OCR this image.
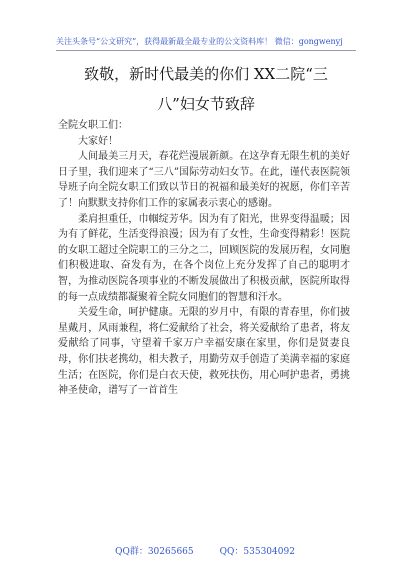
关注头条号“公文研究”，获得最新最全最专业的公文资料库！ 微信：gongwenyj
致敬，新时代最美的你们 XX二院“三
八”妇女节致辞

全院女职工们：

大家好！

人间最美三月天，春花烂漫展新颜。在这孕育无限生机的美好日子里，我们迎来了“三八”国际劳动妇女节。在此，谨代表医院领导班子向全院女职工们致以节日的祝福和最美好的祝愿，你们辛苦了！向默默支持你们工作的家属表示衷心的感谢。

柔肩担重任，巾帼绽芳华。因为有了阳光，世界变得温暖；因为有了鲜花，生活变得浪漫；因为有了女性，生命变得精彩！医院的女职工超过全院职工的三分之二，回顾医院的发展历程，女同胞们积极进取、奋发有为，在各个岗位上充分发挥了自己的聪明才智，为推动医院各项事业的不断发展做出了积极贡献，医院所取得的每一点成绩都凝聚着全院女同胞们的智慧和汗水。

关爱生命，呵护健康。无限的岁月中，有限的青春里，你们披星戴月，风雨兼程，将仁爱献给了社会，将关爱献给了患者，将友爱献给了同事，守望着千家万户幸福安康在家里，你们是贤妻良母，你们扶老携幼，相夫教子，用勤劳双手创造了美满幸福的家庭生活；在医院，你们是白衣天使，救死扶伤，用心呵护患者，勇挑神圣使命，谱写了一首首生

QQ群：30265665	QQ：535304092
